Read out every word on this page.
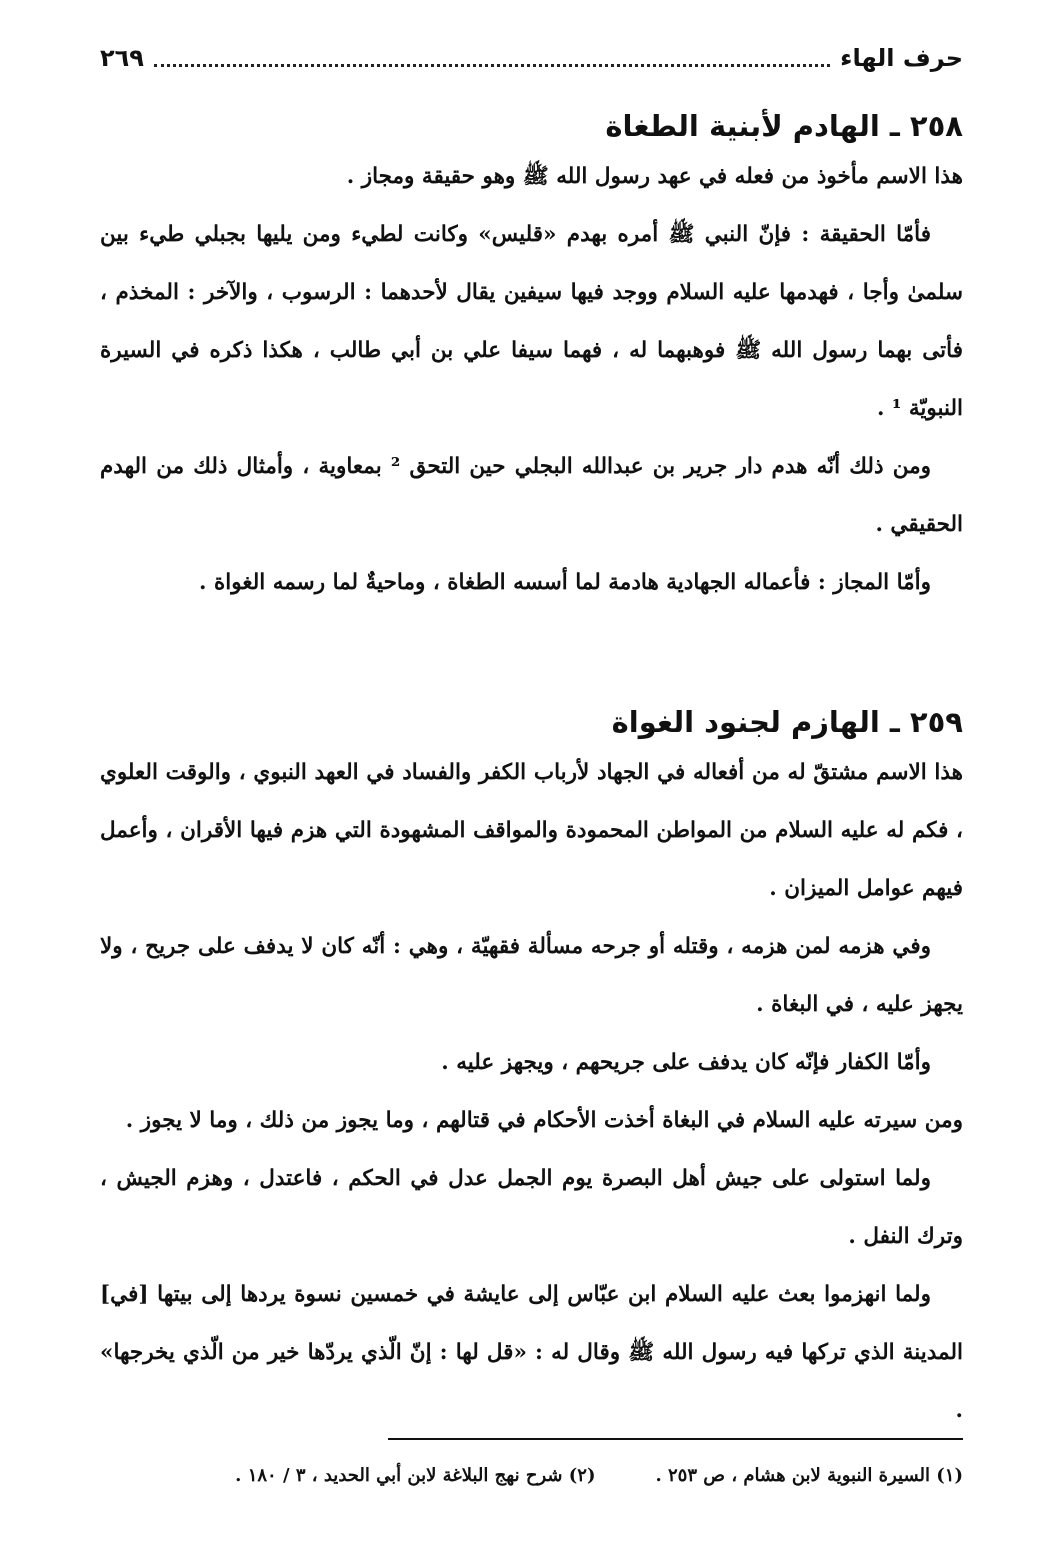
حرف الهاء
٢٦٩
٢٥٨ ـ الهادم لأبنية الطغاة

هذا الاسم مأخوذ من فعله في عهد رسول الله ﷺ وهو حقيقة ومجاز .

فأمّا الحقيقة : فإنّ النبي ﷺ أمره بهدم «قليس» وكانت لطيء ومن يليها بجبلي طيء بين سلمىٰ وأجا ، فهدمها عليه السلام ووجد فيها سيفين يقال لأحدهما : الرسوب ، والآخر : المخذم ، فأتى بهما رسول الله ﷺ فوهبهما له ، فهما سيفا علي بن أبي طالب ، هكذا ذكره في السيرة النبويّة ¹ .

ومن ذلك أنّه هدم دار جرير بن عبدالله البجلي حين التحق ² بمعاوية ، وأمثال ذلك من الهدم الحقيقي .

وأمّا المجاز : فأعماله الجهادية هادمة لما أسسه الطغاة ، وماحيةٌ لما رسمه الغواة .

٢٥٩ ـ الهازم لجنود الغواة

هذا الاسم مشتقّ له من أفعاله في الجهاد لأرباب الكفر والفساد في العهد النبوي ، والوقت العلوي ، فكم له عليه السلام من المواطن المحمودة والمواقف المشهودة التي هزم فيها الأقران ، وأعمل فيهم عوامل الميزان .

وفي هزمه لمن هزمه ، وقتله أو جرحه مسألة فقهيّة ، وهي : أنّه كان لا يدفف على جريح ، ولا يجهز عليه ، في البغاة .

وأمّا الكفار فإنّه كان يدفف على جريحهم ، ويجهز عليه .

ومن سيرته عليه السلام في البغاة أخذت الأحكام في قتالهم ، وما يجوز من ذلك ، وما لا يجوز .

ولما استولى على جيش أهل البصرة يوم الجمل عدل في الحكم ، فاعتدل ، وهزم الجيش ، وترك النفل .

ولما انهزموا بعث عليه السلام ابن عبّاس إلى عايشة في خمسين نسوة يردها إلى بيتها [في] المدينة الذي تركها فيه رسول الله ﷺ وقال له : «قل لها : إنّ الّذي يردّها خير من الّذي يخرجها» .

(١) السيرة النبوية لابن هشام ، ص ٢٥٣ .
(٢) شرح نهج البلاغة لابن أبي الحديد ، ٣ / ١٨٠ .
